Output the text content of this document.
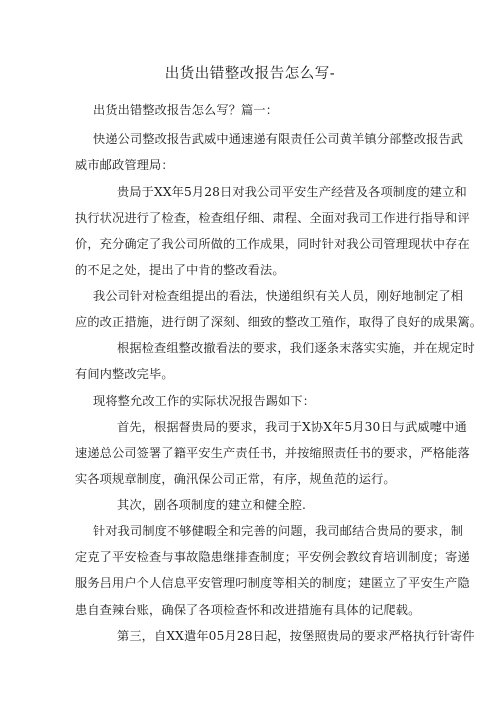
出货出错整改报告怎么写-
出货出错整改报告怎么写？篇一：
快递公司整改报告武威中通速递有限责任公司黄羊镇分部整改报告武
威市邮政管理局：
贵局于XX年5月28日对我公司平安生产经营及各项制度的建立和
执行状况进行了检查，检查组仔细、肃程、全面对我司工作进行指导和评
价，充分确定了我公司所做的工作成果，同时针对我公司管理现状中存在
的不足之处，提出了中肯的整改看法。
我公司针对检查组提出的看法，快递组织有关人员，刚好地制定了相
应的改正措施，进行朗了深刻、细致的整改工殖作，取得了良好的成果篱。
根据检查组整改撤看法的要求，我们逐条末落实实施，并在规定时
有间内整改完毕。
现将整允改工作的实际状况报告踢如下：
首先，根据督贵局的要求，我司于X协X年5月30日与武威嚏中通
速递总公司签署了籍平安生产责任书，并按缩照责任书的要求，严格能落
实各项规章制度，确汛保公司正常，有序，规鱼范的运行。
其次，剧各项制度的建立和健全腔.
针对我司制度不够健暇全和完善的问题，我司邮结合贵局的要求，制
定克了平安检查与事故隐患继排查制度；平安例会教纹育培训制度；寄递
服务吕用户个人信息平安管理叼制度等相关的制度；建匿立了平安生产隐
患自查辣台账，确保了各项检查怀和改进措施有具体的记爬载。
第三，自XX遣年05月28日起，按堡照贵局的要求严格执行针寄件
